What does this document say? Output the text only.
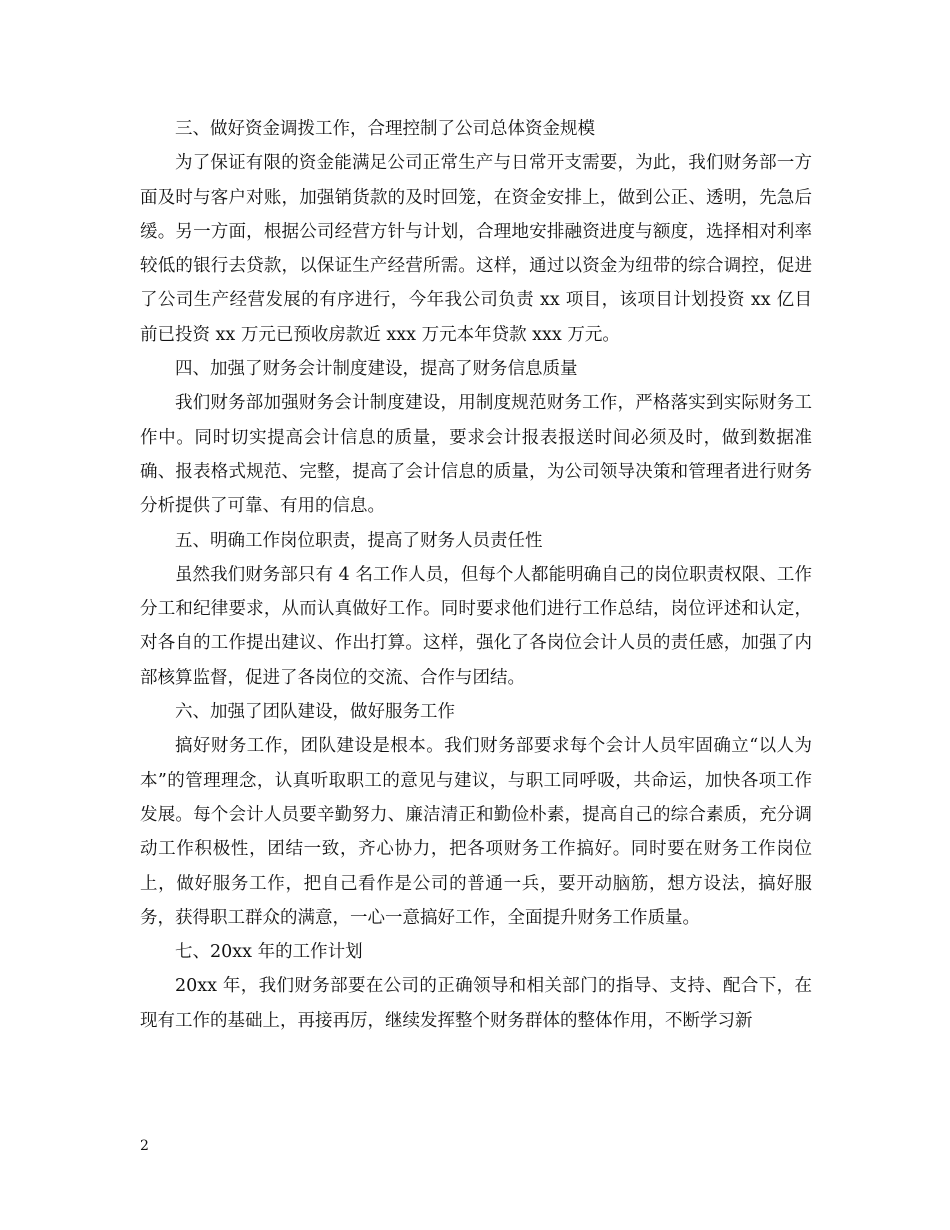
三、做好资金调拨工作，合理控制了公司总体资金规模

为了保证有限的资金能满足公司正常生产与日常开支需要，为此，我们财务部一方面及时与客户对账，加强销货款的及时回笼，在资金安排上，做到公正、透明，先急后缓。另一方面，根据公司经营方针与计划，合理地安排融资进度与额度，选择相对利率较低的银行去贷款，以保证生产经营所需。这样，通过以资金为纽带的综合调控，促进了公司生产经营发展的有序进行，今年我公司负责 xx 项目，该项目计划投资 xx 亿目前已投资 xx 万元已预收房款近 xxx 万元本年贷款 xxx 万元。

四、加强了财务会计制度建设，提高了财务信息质量

我们财务部加强财务会计制度建设，用制度规范财务工作，严格落实到实际财务工作中。同时切实提高会计信息的质量，要求会计报表报送时间必须及时，做到数据准确、报表格式规范、完整，提高了会计信息的质量，为公司领导决策和管理者进行财务分析提供了可靠、有用的信息。

五、明确工作岗位职责，提高了财务人员责任性

虽然我们财务部只有 4 名工作人员，但每个人都能明确自己的岗位职责权限、工作分工和纪律要求，从而认真做好工作。同时要求他们进行工作总结，岗位评述和认定，对各自的工作提出建议、作出打算。这样，强化了各岗位会计人员的责任感，加强了内部核算监督，促进了各岗位的交流、合作与团结。

六、加强了团队建设，做好服务工作

搞好财务工作，团队建设是根本。我们财务部要求每个会计人员牢固确立“以人为本”的管理理念，认真听取职工的意见与建议，与职工同呼吸，共命运，加快各项工作发展。每个会计人员要辛勤努力、廉洁清正和勤俭朴素，提高自己的综合素质，充分调动工作积极性，团结一致，齐心协力，把各项财务工作搞好。同时要在财务工作岗位上，做好服务工作，把自己看作是公司的普通一兵，要开动脑筋，想方设法，搞好服务，获得职工群众的满意，一心一意搞好工作，全面提升财务工作质量。

七、20xx 年的工作计划

20xx 年，我们财务部要在公司的正确领导和相关部门的指导、支持、配合下，在现有工作的基础上，再接再厉，继续发挥整个财务群体的整体作用，不断学习新

2
